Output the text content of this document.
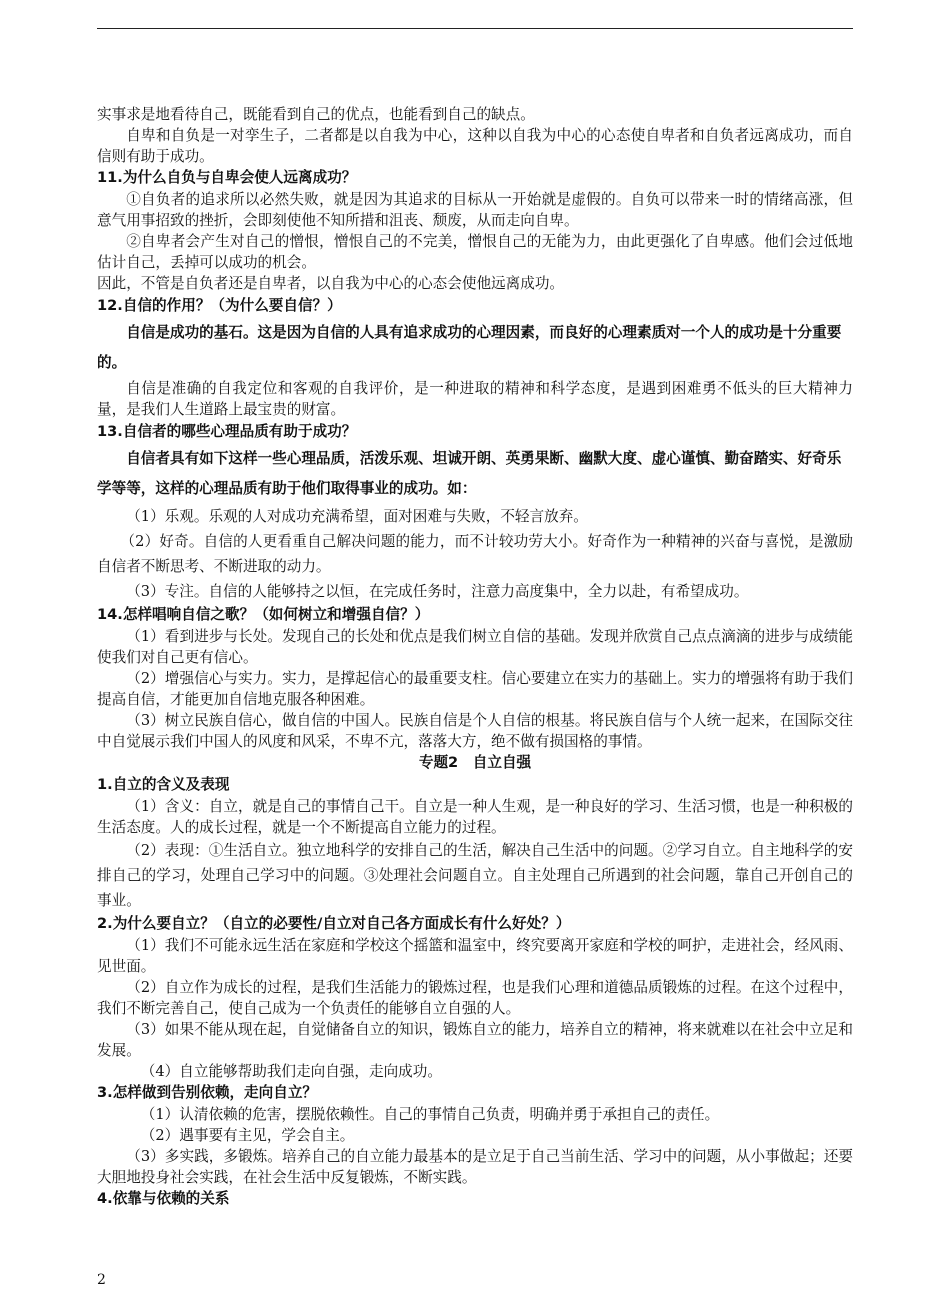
实事求是地看待自己，既能看到自己的优点，也能看到自己的缺点。

自卑和自负是一对孪生子，二者都是以自我为中心，这种以自我为中心的心态使自卑者和自负者远离成功，而自信则有助于成功。

11.为什么自负与自卑会使人远离成功？

①自负者的追求所以必然失败，就是因为其追求的目标从一开始就是虚假的。自负可以带来一时的情绪高涨，但意气用事招致的挫折，会即刻使他不知所措和沮丧、颓废，从而走向自卑。

②自卑者会产生对自己的憎恨，憎恨自己的不完美，憎恨自己的无能为力，由此更强化了自卑感。他们会过低地估计自己，丢掉可以成功的机会。

因此，不管是自负者还是自卑者，以自我为中心的心态会使他远离成功。

12.自信的作用？（为什么要自信？）

自信是成功的基石。这是因为自信的人具有追求成功的心理因素，而良好的心理素质对一个人的成功是十分重要的。

自信是准确的自我定位和客观的自我评价，是一种进取的精神和科学态度，是遇到困难勇不低头的巨大精神力量，是我们人生道路上最宝贵的财富。

13.自信者的哪些心理品质有助于成功？

自信者具有如下这样一些心理品质，活泼乐观、坦诚开朗、英勇果断、幽默大度、虚心谨慎、勤奋踏实、好奇乐学等等，这样的心理品质有助于他们取得事业的成功。如：

（1）乐观。乐观的人对成功充满希望，面对困难与失败，不轻言放弃。

（2）好奇。自信的人更看重自己解决问题的能力，而不计较功劳大小。好奇作为一种精神的兴奋与喜悦，是激励自信者不断思考、不断进取的动力。

（3）专注。自信的人能够持之以恒，在完成任务时，注意力高度集中，全力以赴，有希望成功。

14.怎样唱响自信之歌？（如何树立和增强自信？）

（1）看到进步与长处。发现自己的长处和优点是我们树立自信的基础。发现并欣赏自己点点滴滴的进步与成绩能使我们对自己更有信心。

（2）增强信心与实力。实力，是撑起信心的最重要支柱。信心要建立在实力的基础上。实力的增强将有助于我们提高自信，才能更加自信地克服各种困难。

（3）树立民族自信心，做自信的中国人。民族自信是个人自信的根基。将民族自信与个人统一起来，在国际交往中自觉展示我们中国人的风度和风采，不卑不亢，落落大方，绝不做有损国格的事情。

专题2　自立自强

1.自立的含义及表现

（1）含义：自立，就是自己的事情自己干。自立是一种人生观，是一种良好的学习、生活习惯，也是一种积极的生活态度。人的成长过程，就是一个不断提高自立能力的过程。

（2）表现：①生活自立。独立地科学的安排自己的生活，解决自己生活中的问题。②学习自立。自主地科学的安排自己的学习，处理自己学习中的问题。③处理社会问题自立。自主处理自己所遇到的社会问题，靠自己开创自己的事业。

2.为什么要自立？（自立的必要性/自立对自己各方面成长有什么好处？）

（1）我们不可能永远生活在家庭和学校这个摇篮和温室中，终究要离开家庭和学校的呵护，走进社会，经风雨、见世面。

（2）自立作为成长的过程，是我们生活能力的锻炼过程，也是我们心理和道德品质锻炼的过程。在这个过程中，我们不断完善自己，使自己成为一个负责任的能够自立自强的人。

（3）如果不能从现在起，自觉储备自立的知识，锻炼自立的能力，培养自立的精神，将来就难以在社会中立足和发展。

（4）自立能够帮助我们走向自强，走向成功。

3.怎样做到告别依赖，走向自立？

（1）认清依赖的危害，摆脱依赖性。自己的事情自己负责，明确并勇于承担自己的责任。

（2）遇事要有主见，学会自主。

（3）多实践，多锻炼。培养自己的自立能力最基本的是立足于自己当前生活、学习中的问题，从小事做起；还要大胆地投身社会实践，在社会生活中反复锻炼，不断实践。

4.依靠与依赖的关系

2
